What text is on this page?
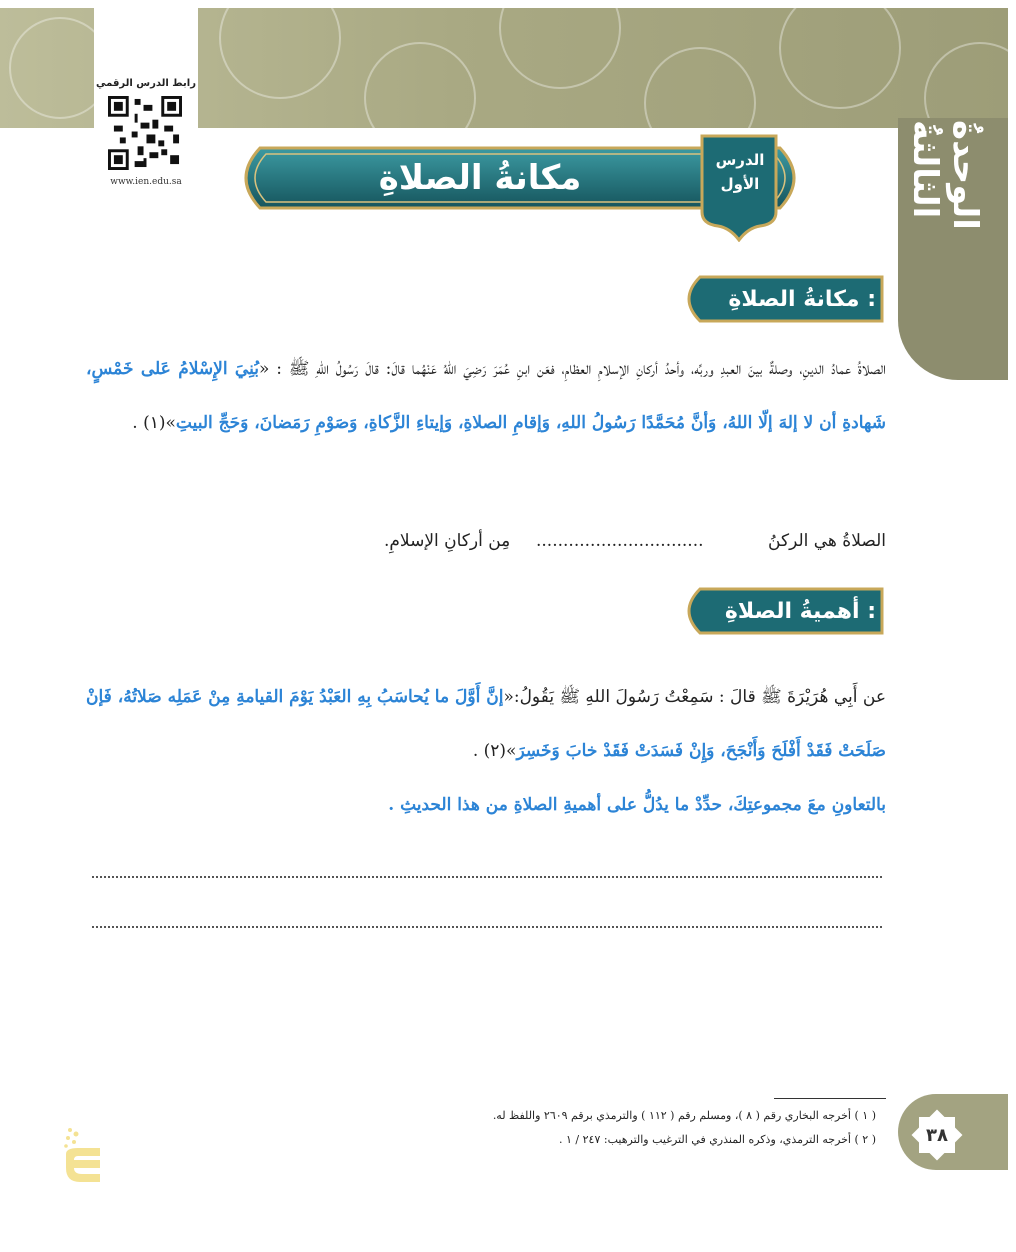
الوحدةُ الثالثةُ
رابط الدرس الرقمي
www.ien.edu.sa	مكانةُ الصلاةِ	الدرس
الأول
مكانةُ الصلاةِ :
الصلاةُ عمادُ الدينِ، وصلةٌ بينَ العبدِ وربِّه، وأحدُ أركانِ الإسلامِ العظامِ، فعَن ابنِ عُمَرَ رَضِيَ اللّهُ عَنْهُما قالَ: قالَ رَسُولُ اللهِ ﷺ : «بُنِيَ الإِسْلامُ عَلى خَمْسٍ، شَهادةِ أن لا إلهَ إلّا اللهُ، وَأنَّ مُحَمَّدًا رَسُولُ اللهِ، وَإقامِ الصلاةِ، وَإيتاءِ الزَّكاةِ، وَصَوْمِ رَمَضانَ، وَحَجِّ البيتِ»(١) .
الصلاةُ هي الركنُ
...............................
مِن أركانِ الإسلامِ.
أهميةُ الصلاةِ :
عن أَبِي هُرَيْرَةَ ﷺ قالَ : سَمِعْتُ رَسُولَ اللهِ ﷺ يَقُولُ:«إنَّ أَوَّلَ ما يُحاسَبُ بِهِ العَبْدُ يَوْمَ القيامةِ مِنْ عَمَلِه صَلاتُهُ، فَإنْ صَلَحَتْ فَقَدْ أَفْلَحَ وَأَنْجَحَ، وَإِنْ فَسَدَتْ فَقَدْ خابَ وَخَسِرَ»(٢) .
بالتعاونِ معَ مجموعتِكَ، حدِّدْ ما يدُلُّ على أهميةِ الصلاةِ من هذا الحديثِ .
( ١ ) أخرجه البخاري رقم ( ٨ )، ومسلم رقم ( ١١٢ ) والترمذي برقم ٢٦٠٩ واللفظ له.
( ٢ ) أخرجه الترمذي، وذكره المنذري في الترغيب والترهيب: ٢٤٧ / ١ .	٣٨
